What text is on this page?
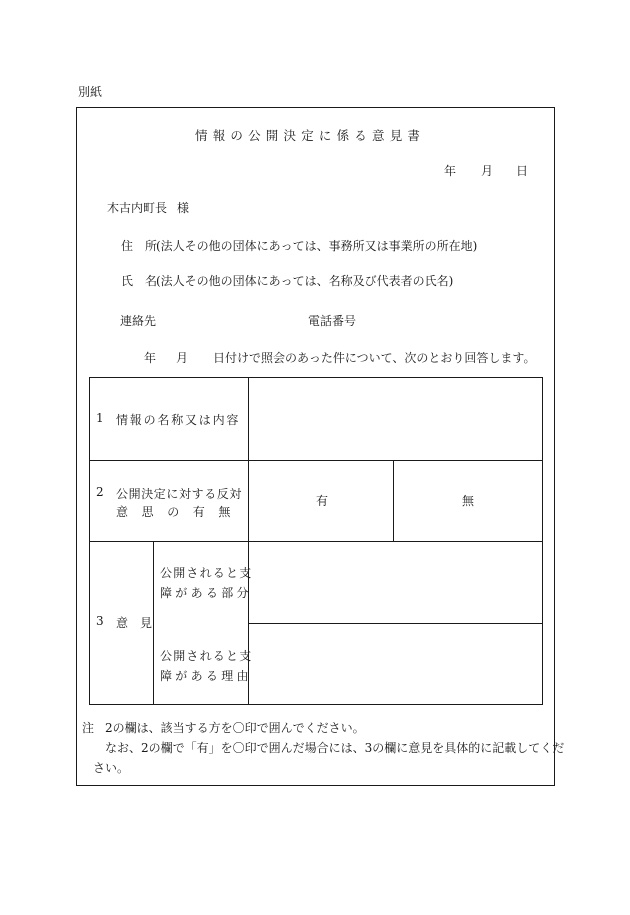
別紙
情報の公開決定に係る意見書
年 月 日
木古内町長 様
住　所
(法人その他の団体にあっては、事務所又は事業所の所在地)
氏　名
(法人その他の団体にあっては、名称及び代表者の氏名)
連絡先	電話番号
年 月 日付けで照会のあった件について、次のとおり回答します。
1 情報の名称又は内容
2 公開決定に対する反対
意思の有無
有	無
3 意　見
公開されると支
障がある部分
公開されると支
障がある理由
注 2の欄は、該当する方を〇印で囲んでください。
なお、2の欄で「有」を〇印で囲んだ場合には、3の欄に意見を具体的に記載してくだ
さい。
